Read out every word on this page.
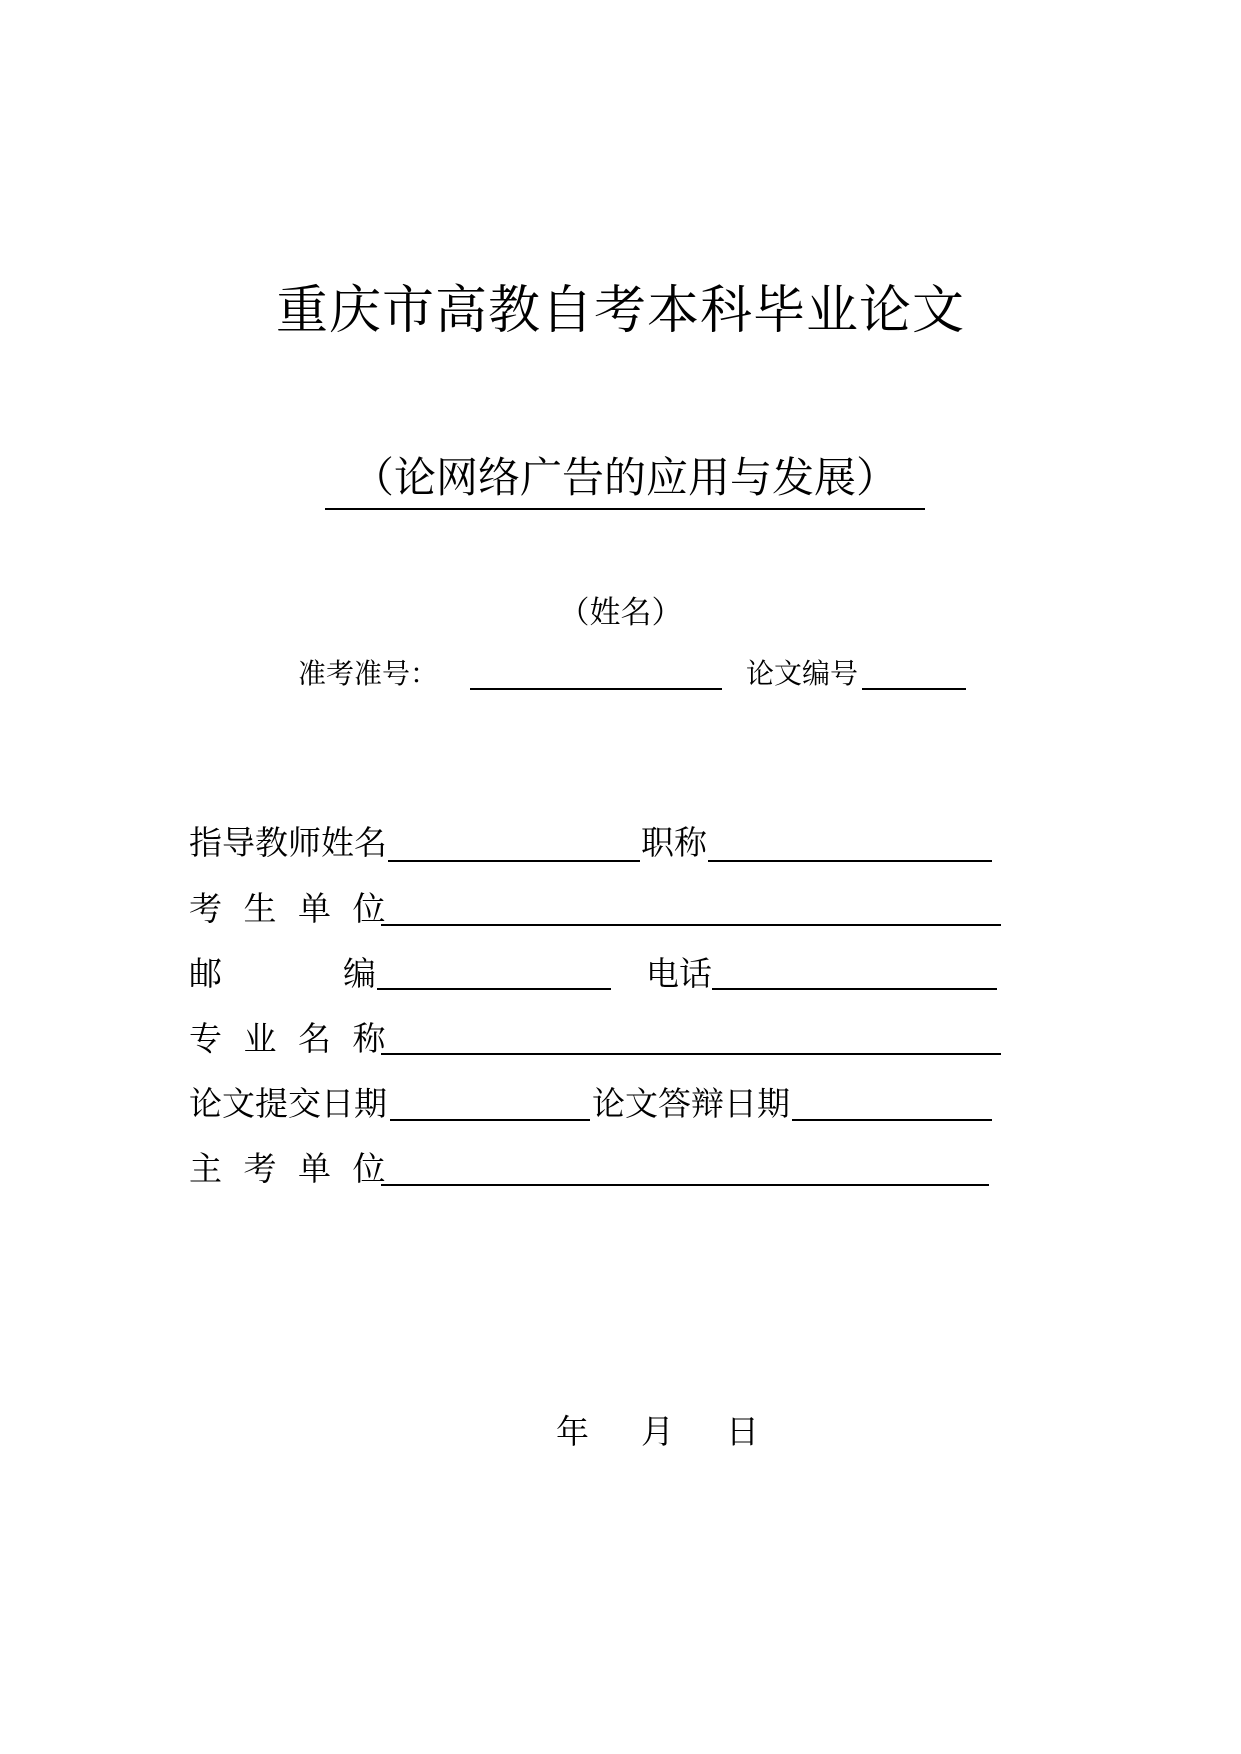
重庆市高教自考本科毕业论文
（论网络广告的应用与发展）
（姓名）
准考准号：	论文编号
指导教师姓名	职称
考 生 单 位
邮	编	电话
专 业 名 称
论文提交日期	论文答辩日期
主 考 单 位
年 月 日
